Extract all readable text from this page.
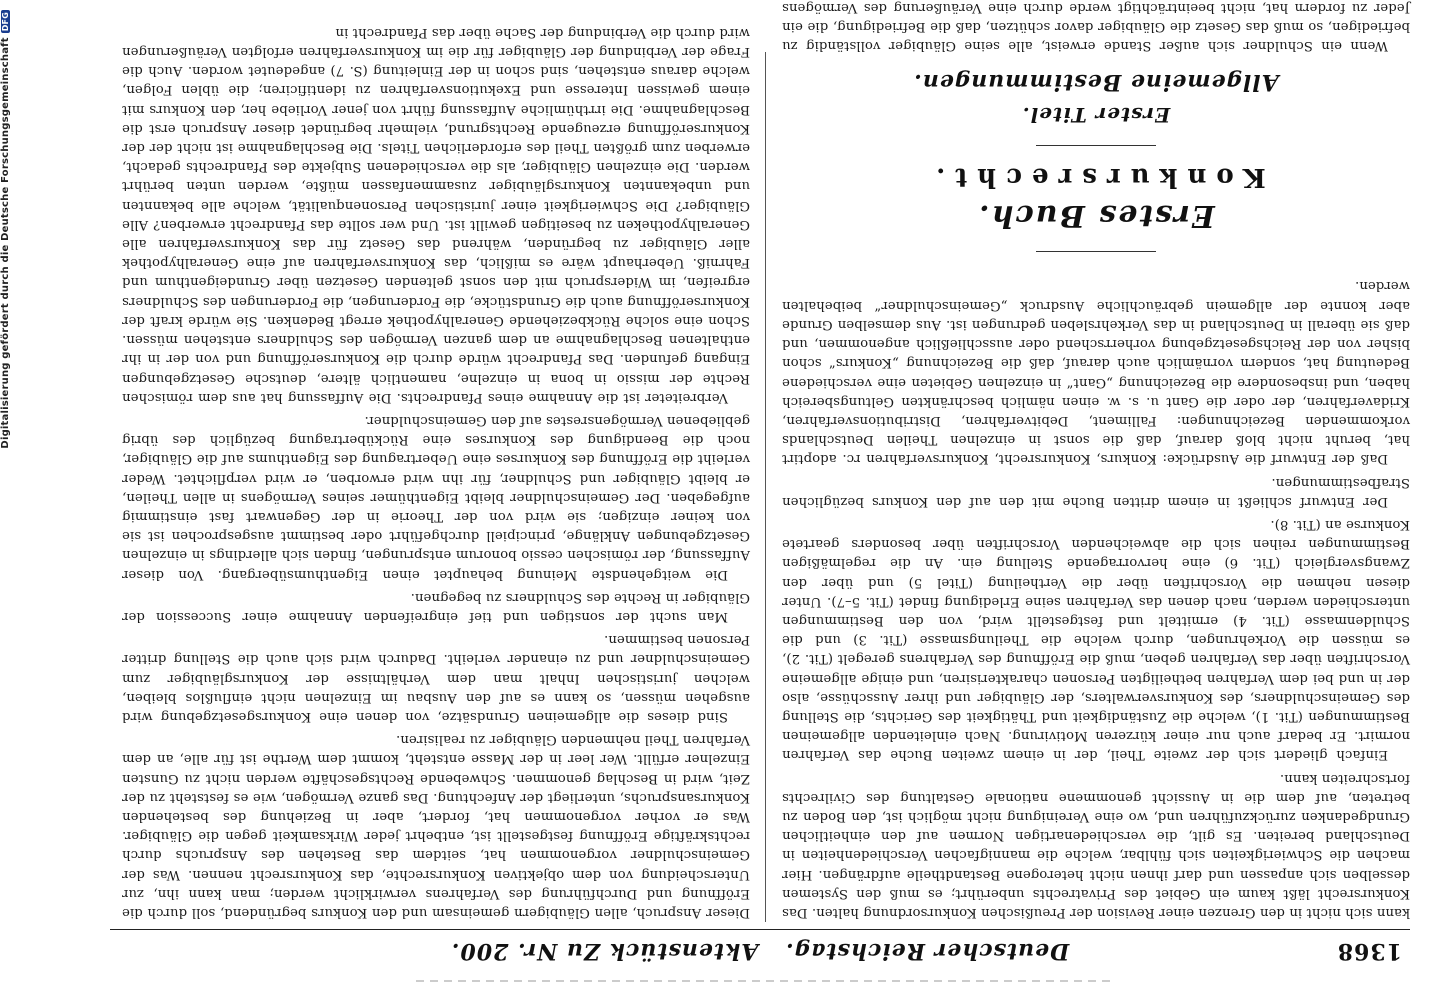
Digitalisierung gefördert durch die Deutsche ForschungsgemeinschaftDFG
1368
Deutscher Reichstag. Aktenstück Zu Nr. 200.

kann sich nicht in den Grenzen einer Revision der Preußischen Konkursordnung halten. Das Konkursrecht läßt kaum ein Gebiet des Privatrechts unberührt; es muß den Systemen desselben sich anpassen und darf ihnen nicht heterogene Bestandtheile aufdrängen. Hier machen die Schwierigkeiten sich fühlbar, welche die mannigfachen Verschiedenheiten in Deutschland bereiten. Es gilt, die verschiedenartigen Normen auf den einheitlichen Grundgedanken zurückzuführen und, wo eine Vereinigung nicht möglich ist, den Boden zu betreten, auf dem die in Aussicht genommene nationale Gestaltung des Civilrechts fortschreiten kann.

Einfach gliedert sich der zweite Theil, der in einem zweiten Buche das Verfahren normirt. Er bedarf auch nur einer kürzeren Motivirung. Nach einleitenden allgemeinen Bestimmungen (Tit. 1), welche die Zuständigkeit und Thätigkeit des Gerichts, die Stellung des Gemeinschuldners, des Konkursverwalters, der Gläubiger und ihrer Ausschüsse, also der in und bei dem Verfahren betheiligten Personen charakterisiren, und einige allgemeine Vorschriften über das Verfahren geben, muß die Eröffnung des Verfahrens geregelt (Tit. 2), es müssen die Vorkehrungen, durch welche die Theilungsmasse (Tit. 3) und die Schuldenmasse (Tit. 4) ermittelt und festgestellt wird, von den Bestimmungen unterschieden werden, nach denen das Verfahren seine Erledigung findet (Tit. 5–7). Unter diesen nehmen die Vorschriften über die Vertheilung (Titel 5) und über den Zwangsvergleich (Tit. 6) eine hervorragende Stellung ein. An die regelmäßigen Bestimmungen reihen sich die abweichenden Vorschriften über besonders geartete Konkurse an (Tit. 8).

Der Entwurf schließt in einem dritten Buche mit den auf den Konkurs bezüglichen Strafbestimmungen.

Daß der Entwurf die Ausdrücke: Konkurs, Konkursrecht, Konkursverfahren rc. adoptirt hat, beruht nicht bloß darauf, daß die sonst in einzelnen Theilen Deutschlands vorkommenden Bezeichnungen: Falliment, Debitverfahren, Distributionsverfahren, Kridaverfahren, der oder die Gant u. s. w. einen nämlich beschränkten Geltungsbereich haben, und insbesondere die Bezeichnung „Gant“ in einzelnen Gebieten eine verschiedene Bedeutung hat, sondern vornämlich auch darauf, daß die Bezeichnung „Konkurs“ schon bisher von der Reichsgesetzgebung vorherrschend oder ausschließlich angenommen, und daß sie überall in Deutschland in das Verkehrsleben gedrungen ist. Aus demselben Grunde aber konnte der allgemein gebräuchliche Ausdruck „Gemeinschuldner“ beibehalten werden.

Erstes Buch.
Konkursrecht.
Erster Titel.
Allgemeine Bestimmungen.

Wenn ein Schuldner sich außer Stande erweist, alle seine Gläubiger vollständig zu befriedigen, so muß das Gesetz die Gläubiger davor schützen, daß die Befriedigung, die ein Jeder zu fordern hat, nicht beeinträchtigt werde durch eine Veräußerung des Vermögens

Dieser Anspruch, allen Gläubigern gemeinsam und den Konkurs begründend, soll durch die Eröffnung und Durchführung des Verfahrens verwirklicht werden; man kann ihn, zur Unterscheidung von dem objektiven Konkursrechte, das Konkursrecht nennen. Was der Gemeinschuldner vorgenommen hat, seitdem das Bestehen des Anspruchs durch rechtskräftige Eröffnung festgestellt ist, entbehrt jeder Wirksamkeit gegen die Gläubiger. Was er vorher vorgenommen hat, fordert, aber in Beziehung des bestehenden Konkursanspruchs, unterliegt der Anfechtung. Das ganze Vermögen, wie es feststeht zu der Zeit, wird in Beschlag genommen. Schwebende Rechtsgeschäfte werden nicht zu Gunsten Einzelner erfüllt. Wer leer in der Masse entsteht, kommt dem Werthe ist für alle, an dem Verfahren Theil nehmenden Gläubiger zu realisiren.

Sind dieses die allgemeinen Grundsätze, von denen eine Konkursgesetzgebung wird ausgehen müssen, so kann es auf den Ausbau im Einzelnen nicht einflußlos bleiben, welchen juristischen Inhalt man dem Verhältnisse der Konkursgläubiger zum Gemeinschuldner und zu einander verleiht. Dadurch wird sich auch die Stellung dritter Personen bestimmen.

Man sucht der sonstigen und tief eingreifenden Annahme einer Succession der Gläubiger in Rechte des Schuldners zu begegnen.

Die weitgehendste Meinung behauptet einen Eigenthumsübergang. Von dieser Auffassung, der römischen cessio bonorum entsprungen, finden sich allerdings in einzelnen Gesetzgebungen Anklänge, principiell durchgeführt oder bestimmt ausgesprochen ist sie von keiner einzigen; sie wird von der Theorie in der Gegenwart fast einstimmig aufgegeben. Der Gemeinschuldner bleibt Eigenthümer seines Vermögens in allen Theilen, er bleibt Gläubiger und Schuldner, für ihn wird erworben, er wird verpflichtet. Weder verleiht die Eröffnung des Konkurses eine Uebertragung des Eigenthums auf die Gläubiger, noch die Beendigung des Konkurses eine Rückübertragung bezüglich des übrig gebliebenen Vermögensrestes auf den Gemeinschuldner.

Verbreiteter ist die Annahme eines Pfandrechts. Die Auffassung hat aus dem römischen Rechte der missio in bona in einzelne, namentlich ältere, deutsche Gesetzgebungen Eingang gefunden. Das Pfandrecht würde durch die Konkurseröffnung und von der in ihr enthaltenen Beschlagnahme an dem ganzen Vermögen des Schuldners entstehen müssen. Schon eine solche Rückbeziehende Generalhypothek erregt Bedenken. Sie würde kraft der Konkurseröffnung auch die Grundstücke, die Forderungen, die Forderungen des Schuldners ergreifen, im Widerspruch mit den sonst geltenden Gesetzen über Grundeigenthum und Fahrniß. Ueberhaupt wäre es mißlich, das Konkursverfahren auf eine Generalhypothek aller Gläubiger zu begründen, während das Gesetz für das Konkursverfahren alle Generalhypotheken zu beseitigen gewillt ist. Und wer sollte das Pfandrecht erwerben? Alle Gläubiger? Die Schwierigkeit einer juristischen Personenqualität, welche alle bekannten und unbekannten Konkursgläubiger zusammenfassen müßte, werden unten berührt werden. Die einzelnen Gläubiger, als die verschiedenen Subjekte des Pfandrechts gedacht, erwerben zum größten Theil des erforderlichen Titels. Die Beschlagnahme ist nicht der der Konkurseröffnung erzeugende Rechtsgrund, vielmehr begründet dieser Anspruch erst die Beschlagnahme. Die irrthümliche Auffassung führt von jener Vorliebe her, den Konkurs mit einem gewissen Interesse und Exekutionsverfahren zu identificiren; die üblen Folgen, welche daraus entstehen, sind schon in der Einleitung (S. 7) angedeutet worden. Auch die Frage der Verbindung der Gläubiger für die im Konkursverfahren erfolgten Veräußerungen wird durch die Verbindung der Sache über das Pfandrecht in
